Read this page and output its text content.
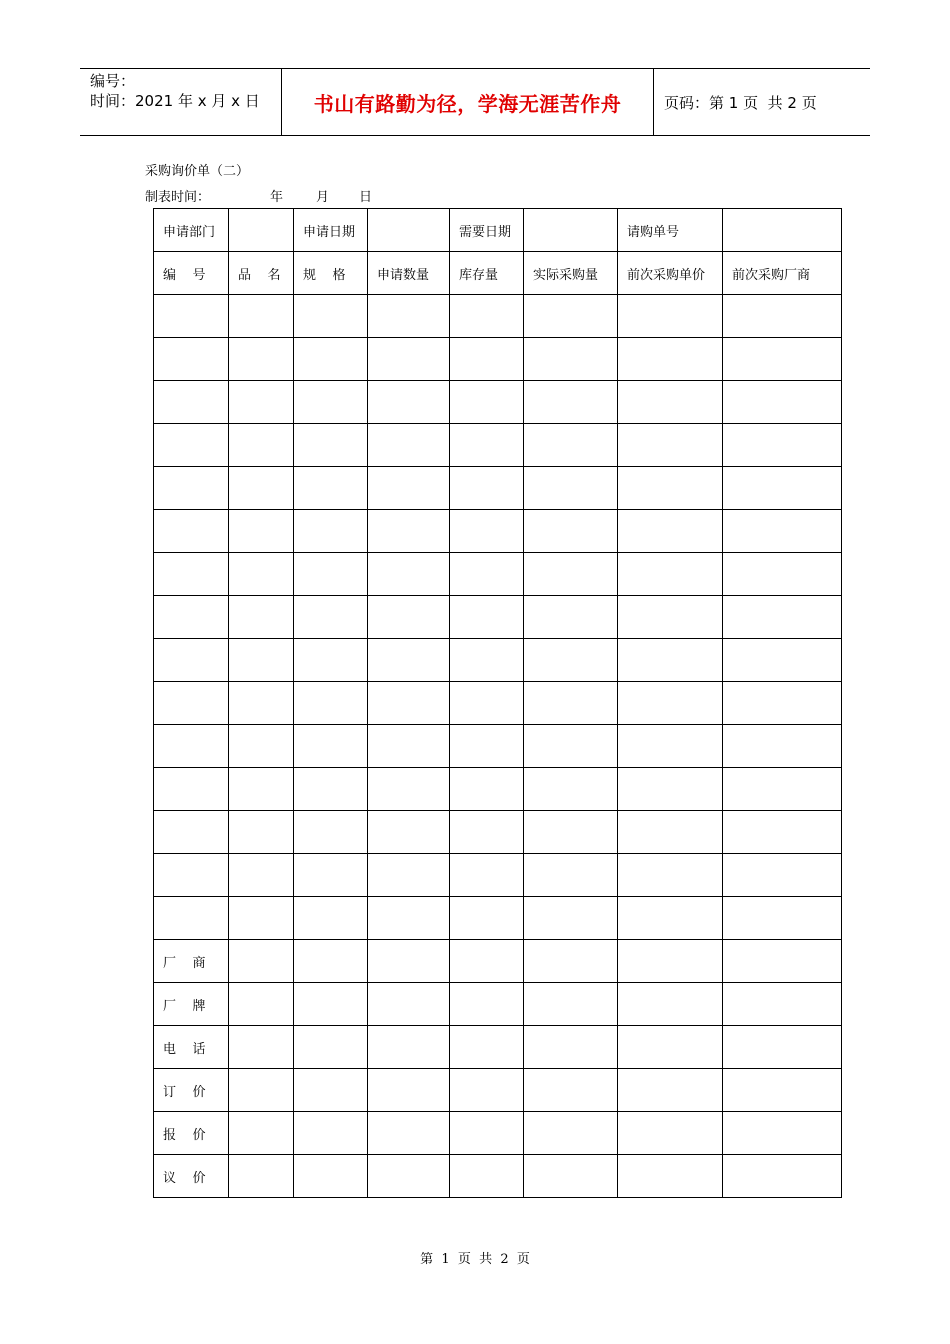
编号：
时间：2021 年 x 月 x 日	书山有路勤为径，学海无涯苦作舟	页码：第 1 页  共 2 页
采购询价单（二）
制表时间：	年	月 日
申请部门		申请日期		需要日期		请购单号	
编    号	品    名	规    格	申请数量	库存量	实际采购量	前次采购单价	前次采购厂商

厂    商							
厂    牌							
电    话							
订    价							
报    价							
议    价							
第  1  页  共  2  页
